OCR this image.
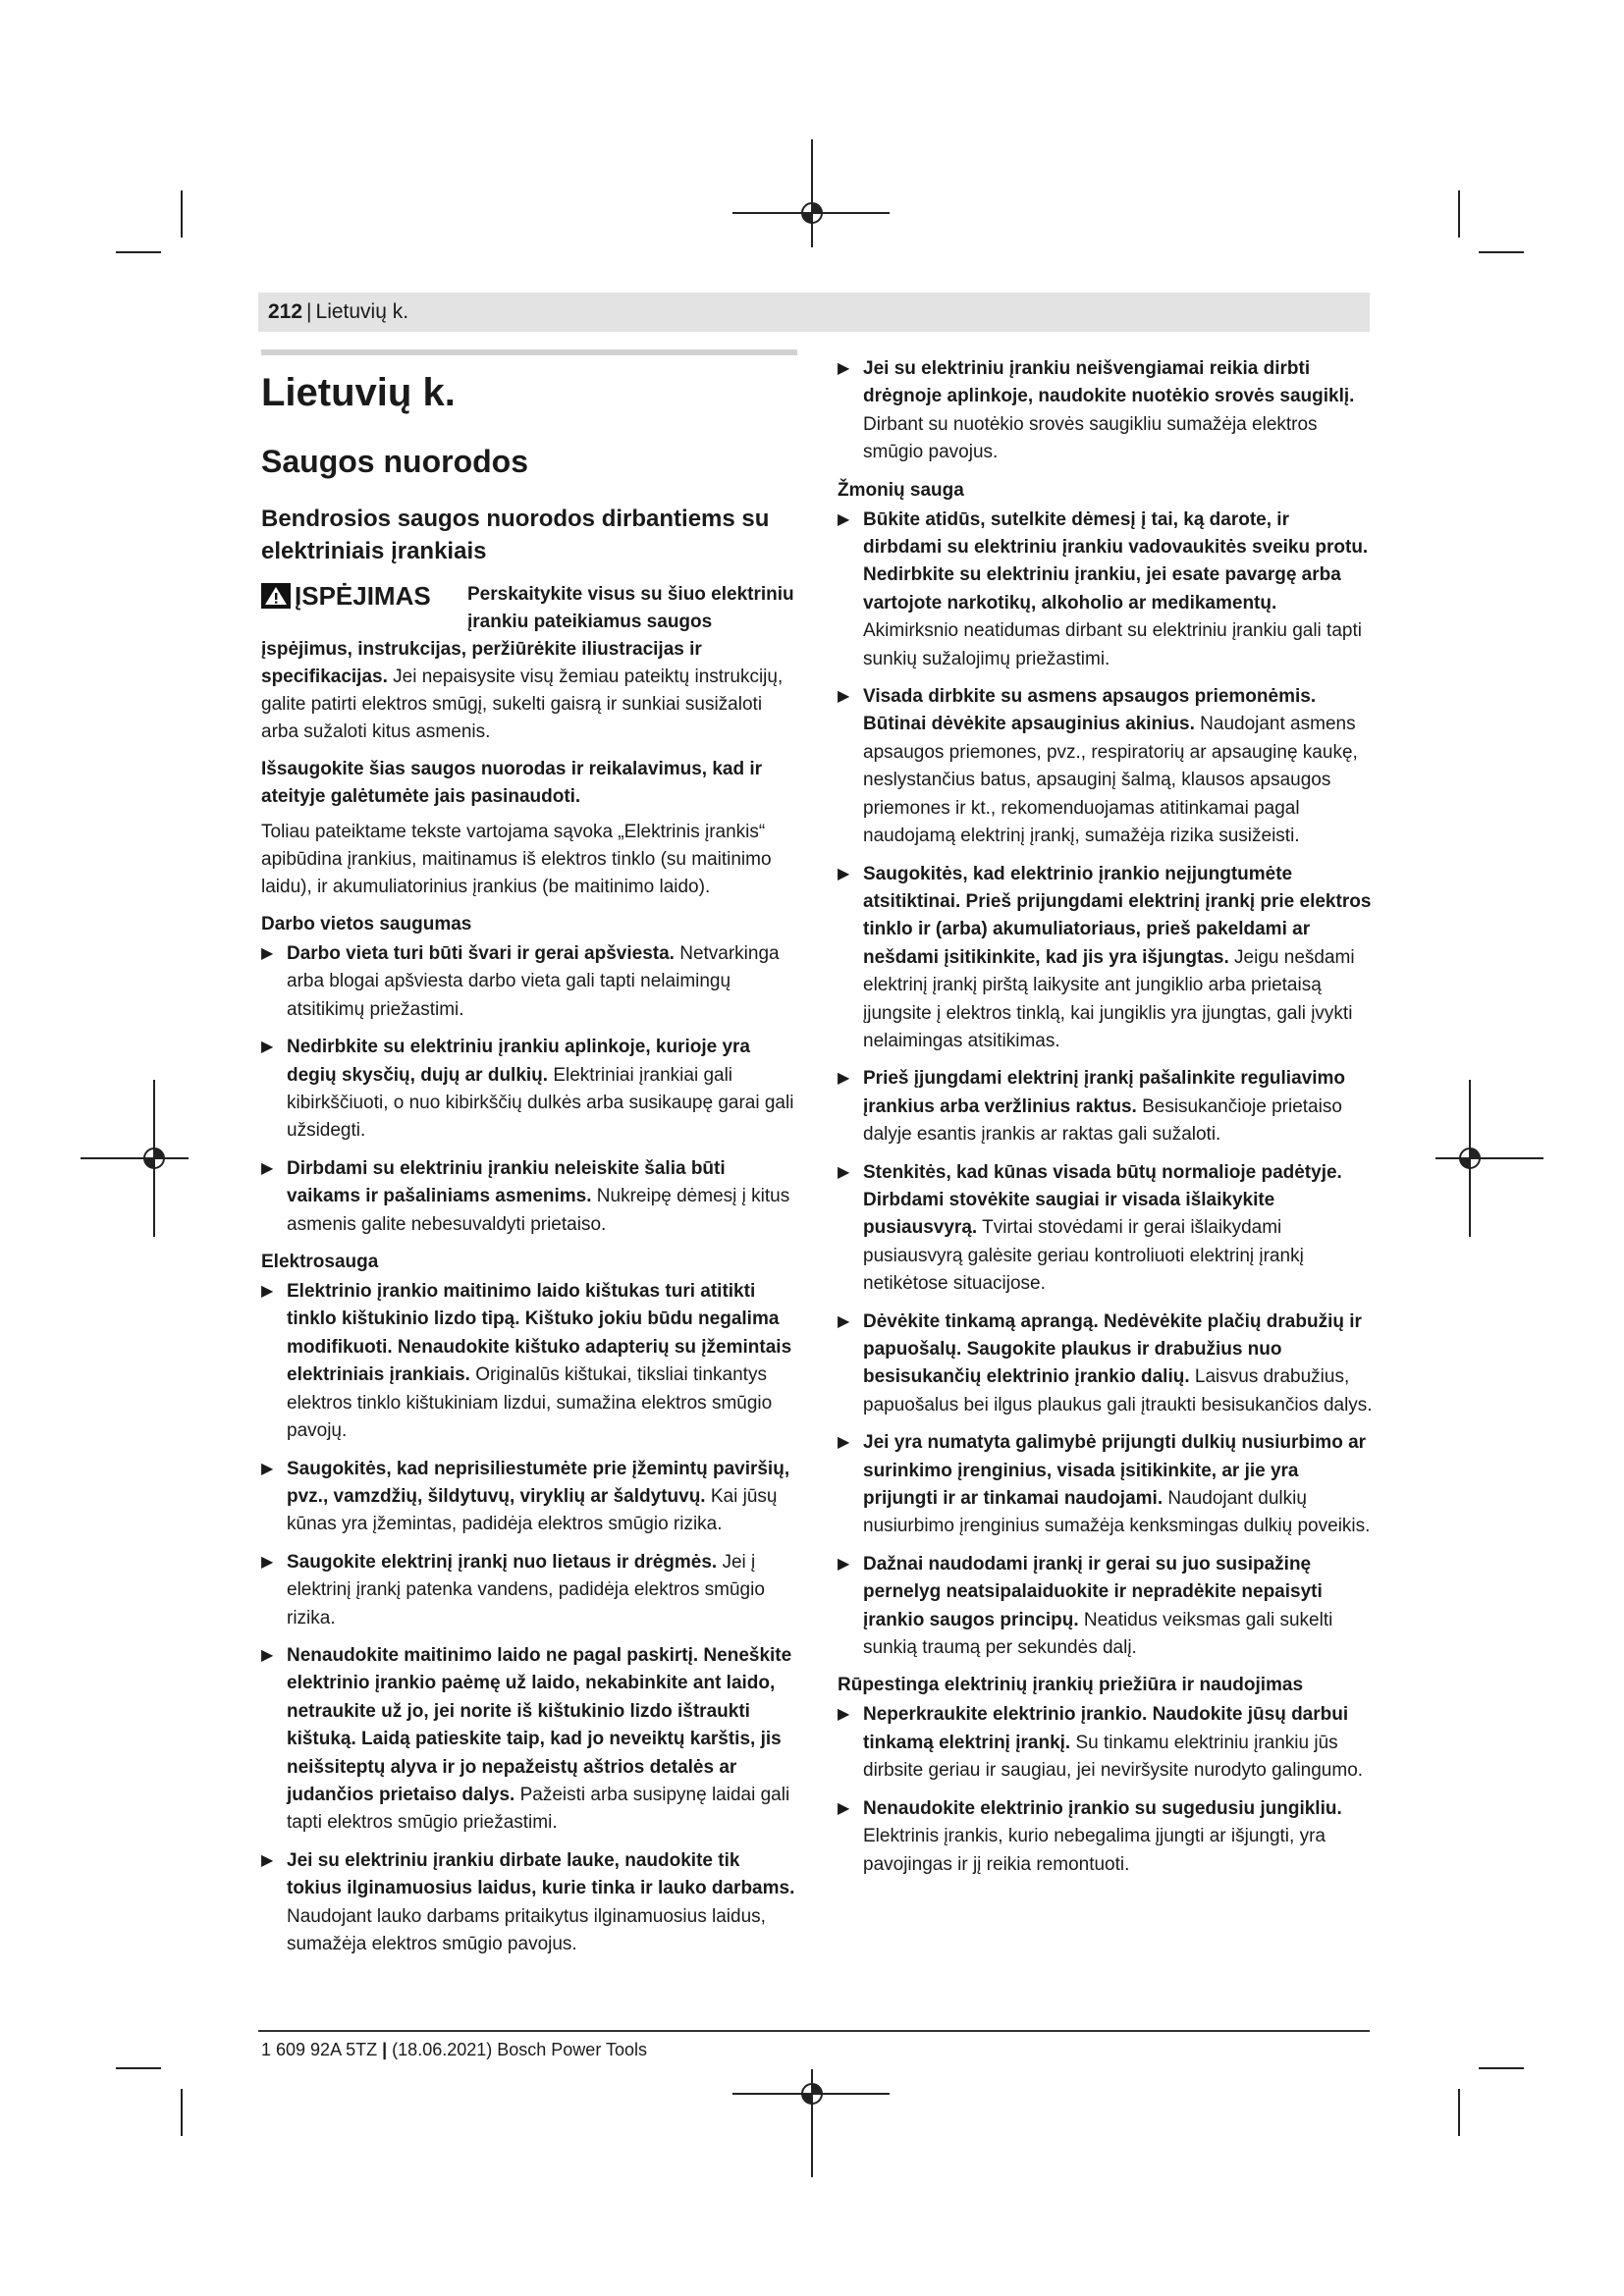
212 | Lietuvių k.
Lietuvių k.
Saugos nuorodos
Bendrosios saugos nuorodos dirbantiems su elektriniais įrankiais
ĮSPĖJIMAS Perskaitykite visus su šiuo elektriniu įrankiu pateikiamus saugos

įspėjimus, instrukcijas, peržiūrėkite iliustracijas ir specifikacijas. Jei nepaisysite visų žemiau pateiktų instrukcijų, galite patirti elektros smūgį, sukelti gaisrą ir sunkiai susižaloti arba sužaloti kitus asmenis.

Išsaugokite šias saugos nuorodas ir reikalavimus, kad ir ateityje galėtumėte jais pasinaudoti.

Toliau pateiktame tekste vartojama sąvoka „Elektrinis įrankis“ apibūdina įrankius, maitinamus iš elektros tinklo (su maitinimo laidu), ir akumuliatorinius įrankius (be maitinimo laido).

Darbo vietos saugumas
▶ Darbo vieta turi būti švari ir gerai apšviesta. Netvarkinga arba blogai apšviesta darbo vieta gali tapti nelaimingų atsitikimų priežastimi.
▶ Nedirbkite su elektriniu įrankiu aplinkoje, kurioje yra degių skysčių, dujų ar dulkių. Elektriniai įrankiai gali kibirkščiuoti, o nuo kibirkščių dulkės arba susikaupę garai gali užsidegti.
▶ Dirbdami su elektriniu įrankiu neleiskite šalia būti vaikams ir pašaliniams asmenims. Nukreipę dėmesį į kitus asmenis galite nebesuvaldyti prietaiso.
Elektrosauga
▶ Elektrinio įrankio maitinimo laido kištukas turi atitikti tinklo kištukinio lizdo tipą. Kištuko jokiu būdu negalima modifikuoti. Nenaudokite kištuko adapterių su įžemintais elektriniais įrankiais. Originalūs kištukai, tiksliai tinkantys elektros tinklo kištukiniam lizdui, sumažina elektros smūgio pavojų.
▶ Saugokitės, kad neprisiliestumėte prie įžemintų paviršių, pvz., vamzdžių, šildytuvų, viryklių ar šaldytuvų. Kai jūsų kūnas yra įžemintas, padidėja elektros smūgio rizika.
▶ Saugokite elektrinį įrankį nuo lietaus ir drėgmės. Jei į elektrinį įrankį patenka vandens, padidėja elektros smūgio rizika.
▶ Nenaudokite maitinimo laido ne pagal paskirtį. Neneškite elektrinio įrankio paėmę už laido, nekabinkite ant laido, netraukite už jo, jei norite iš kištukinio lizdo ištraukti kištuką. Laidą patieskite taip, kad jo neveiktų karštis, jis neišsiteptų alyva ir jo nepažeistų aštrios detalės ar judančios prietaiso dalys. Pažeisti arba susipynę laidai gali tapti elektros smūgio priežastimi.
▶ Jei su elektriniu įrankiu dirbate lauke, naudokite tik tokius ilginamuosius laidus, kurie tinka ir lauko darbams. Naudojant lauko darbams pritaikytus ilginamuosius laidus, sumažėja elektros smūgio pavojus.
▶ Jei su elektriniu įrankiu neišvengiamai reikia dirbti drėgnoje aplinkoje, naudokite nuotėkio srovės saugiklį. Dirbant su nuotėkio srovės saugikliu sumažėja elektros smūgio pavojus.
Žmonių sauga
▶ Būkite atidūs, sutelkite dėmesį į tai, ką darote, ir dirbdami su elektriniu įrankiu vadovaukitės sveiku protu. Nedirbkite su elektriniu įrankiu, jei esate pavargę arba vartojote narkotikų, alkoholio ar medikamentų. Akimirksnio neatidumas dirbant su elektriniu įrankiu gali tapti sunkių sužalojimų priežastimi.
▶ Visada dirbkite su asmens apsaugos priemonėmis. Būtinai dėvėkite apsauginius akinius. Naudojant asmens apsaugos priemones, pvz., respiratorių ar apsauginę kaukę, neslystančius batus, apsauginį šalmą, klausos apsaugos priemones ir kt., rekomenduojamas atitinkamai pagal naudojamą elektrinį įrankį, sumažėja rizika susižeisti.
▶ Saugokitės, kad elektrinio įrankio neįjungtumėte atsitiktinai. Prieš prijungdami elektrinį įrankį prie elektros tinklo ir (arba) akumuliatoriaus, prieš pakeldami ar nešdami įsitikinkite, kad jis yra išjungtas. Jeigu nešdami elektrinį įrankį pirštą laikysite ant jungiklio arba prietaisą įjungsite į elektros tinklą, kai jungiklis yra įjungtas, gali įvykti nelaimingas atsitikimas.
▶ Prieš įjungdami elektrinį įrankį pašalinkite reguliavimo įrankius arba veržlinius raktus. Besisukančioje prietaiso dalyje esantis įrankis ar raktas gali sužaloti.
▶ Stenkitės, kad kūnas visada būtų normalioje padėtyje. Dirbdami stovėkite saugiai ir visada išlaikykite pusiausvyrą. Tvirtai stovėdami ir gerai išlaikydami pusiausvyrą galėsite geriau kontroliuoti elektrinį įrankį netikėtose situacijose.
▶ Dėvėkite tinkamą aprangą. Nedėvėkite plačių drabužių ir papuošalų. Saugokite plaukus ir drabužius nuo besisukančių elektrinio įrankio dalių. Laisvus drabužius, papuošalus bei ilgus plaukus gali įtraukti besisukančios dalys.
▶ Jei yra numatyta galimybė prijungti dulkių nusiurbimo ar surinkimo įrenginius, visada įsitikinkite, ar jie yra prijungti ir ar tinkamai naudojami. Naudojant dulkių nusiurbimo įrenginius sumažėja kenksmingas dulkių poveikis.
▶ Dažnai naudodami įrankį ir gerai su juo susipažinę pernelyg neatsipalaiduokite ir nepradėkite nepaisyti įrankio saugos principų. Neatidus veiksmas gali sukelti sunkią traumą per sekundės dalį.
Rūpestinga elektrinių įrankių priežiūra ir naudojimas
▶ Neperkraukite elektrinio įrankio. Naudokite jūsų darbui tinkamą elektrinį įrankį. Su tinkamu elektriniu įrankiu jūs dirbsite geriau ir saugiau, jei neviršysite nurodyto galingumo.
▶ Nenaudokite elektrinio įrankio su sugedusiu jungikliu. Elektrinis įrankis, kurio nebegalima įjungti ar išjungti, yra pavojingas ir jį reikia remontuoti.
1 609 92A 5TZ | (18.06.2021) Bosch Power Tools
